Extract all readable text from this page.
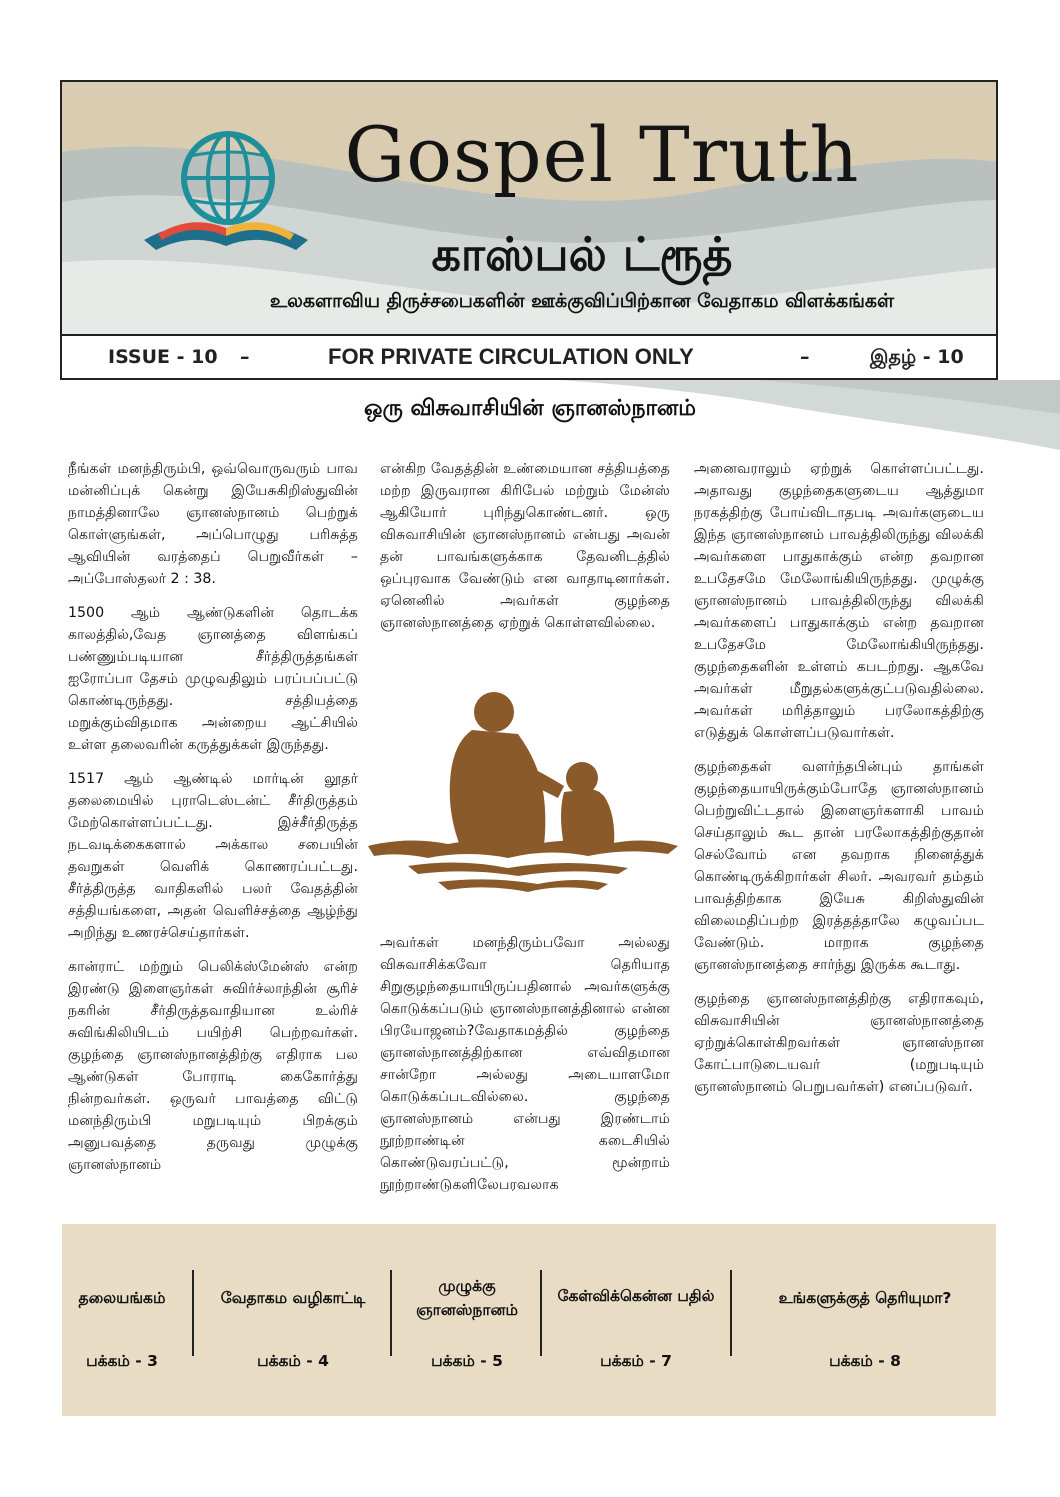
Gospel Truth
காஸ்பல் ட்ரூத்
உலகளாவிய திருச்சபைகளின் ஊக்குவிப்பிற்கான வேதாகம விளக்கங்கள்
ISSUE - 10 –	FOR PRIVATE CIRCULATION ONLY	–	இதழ் - 10
ஒரு விசுவாசியின் ஞானஸ்நானம்

நீங்கள் மனந்திரும்பி, ஒவ்வொருவரும் பாவ மன்னிப்புக் கென்று இயேசுகிறிஸ்துவின் நாமத்தினாலே ஞானஸ்நானம் பெற்றுக் கொள்ளுங்கள், அப்பொழுது பரிசுத்த ஆவியின் வரத்தைப் பெறுவீர்கள் – அப்போஸ்தலர் 2 : 38.

1500 ஆம் ஆண்டுகளின் தொடக்க காலத்தில்,வேத ஞானத்தை விளங்கப் பண்ணும்படியான சீர்த்திருத்தங்கள் ஐரோப்பா தேசம் முழுவதிலும் பரப்பப்பட்டு கொண்டிருந்தது. சத்தியத்தை மறுக்கும்விதமாக அன்றைய ஆட்சியில் உள்ள தலைவரின் கருத்துக்கள் இருந்தது.

1517 ஆம் ஆண்டில் மார்டின் லூதர் தலைமையில் புராடெஸ்டன்ட் சீர்திருத்தம் மேற்கொள்ளப்பட்டது. இச்சீர்திருத்த நடவடிக்கைகளால் அக்கால சபையின் தவறுகள் வெளிக் கொணரப்பட்டது. சீர்த்திருத்த வாதிகளில் பலர் வேதத்தின் சத்தியங்களை, அதன் வெளிச்சத்தை ஆழ்ந்து அறிந்து உணரச்செய்தார்கள்.

கான்ராட் மற்றும் பெலிக்ஸ்மேன்ஸ் என்ற இரண்டு இளைஞர்கள் சுவிர்ச்லாந்தின் சூரிச் நகரின் சீர்திருத்தவாதியான உல்ரிச் சுவிங்கிலியிடம் பயிற்சி பெற்றவர்கள். குழந்தை ஞானஸ்நானத்திற்கு எதிராக பல ஆண்டுகள் போராடி கைகோர்த்து நின்றவர்கள். ஒருவர் பாவத்தை விட்டு மனந்திரும்பி மறுபடியும் பிறக்கும் அனுபவத்தை தருவது முழுக்கு ஞானஸ்நானம்

என்கிற வேதத்தின் உண்மையான சத்தியத்தை மற்ற இருவரான கிரிபேல் மற்றும் மேன்ஸ் ஆகியோர் புரிந்துகொண்டனர். ஒரு விசுவாசியின் ஞானஸ்நானம் என்பது அவன் தன் பாவங்களுக்காக தேவனிடத்தில் ஒப்புரவாக வேண்டும் என வாதாடினார்கள். ஏனெனில் அவர்கள் குழந்தை ஞானஸ்நானத்தை ஏற்றுக் கொள்ளவில்லை.

அவர்கள் மனந்திரும்பவோ அல்லது விசுவாசிக்கவோ தெரியாத சிறுகுழந்தையாயிருப்பதினால் அவர்களுக்கு கொடுக்கப்படும் ஞானஸ்நானத்தினால் என்ன பிரயோஜனம்?வேதாகமத்தில் குழந்தை ஞானஸ்நானத்திற்கான எவ்விதமான சான்றோ அல்லது அடையாளமோ கொடுக்கப்படவில்லை. குழந்தை ஞானஸ்நானம் என்பது இரண்டாம் நூற்றாண்டின் கடைசியில் கொண்டுவரப்பட்டு, மூன்றாம் நூற்றாண்டுகளிலேபரவலாக

அனைவராலும் ஏற்றுக் கொள்ளப்பட்டது. அதாவது குழந்தைகளுடைய ஆத்துமா நரகத்திற்கு போய்விடாதபடி அவர்களுடைய இந்த ஞானஸ்நானம் பாவத்திலிருந்து விலக்கி அவர்களை பாதுகாக்கும் என்ற தவறான உபதேசமே மேலோங்கியிருந்தது. முழுக்கு ஞானஸ்நானம் பாவத்திலிருந்து விலக்கி அவர்களைப் பாதுகாக்கும் என்ற தவறான உபதேசமே மேலோங்கியிருந்தது. குழந்தைகளின் உள்ளம் கபடற்றது. ஆகவே அவர்கள் மீறுதல்களுக்குட்படுவதில்லை. அவர்கள் மரித்தாலும் பரலோகத்திற்கு எடுத்துக் கொள்ளப்படுவார்கள்.

குழந்தைகள் வளர்ந்தபின்பும் தாங்கள் குழந்தையாயிருக்கும்போதே ஞானஸ்நானம் பெற்றுவிட்டதால் இளைஞர்களாகி பாவம் செய்தாலும் கூட தான் பரலோகத்திற்குதான் செல்வோம் என தவறாக நினைத்துக் கொண்டிருக்கிறார்கள் சிலர். அவரவர் தம்தம் பாவத்திற்காக இயேசு கிறிஸ்துவின் விலைமதிப்பற்ற இரத்தத்தாலே கழுவப்பட வேண்டும். மாறாக குழந்தை ஞானஸ்நானத்தை சார்ந்து இருக்க கூடாது.

குழந்தை ஞானஸ்நானத்திற்கு எதிராகவும், விசுவாசியின் ஞானஸ்நானத்தை ஏற்றுக்கொள்கிறவர்கள் ஞானஸ்நான கோட்பாடுடையவர் (மறுபடியும் ஞானஸ்நானம் பெறுபவர்கள்) எனப்படுவர்.

தலையங்கம்
பக்கம் - 3
வேதாகம வழிகாட்டி
பக்கம் - 4
முழுக்கு ஞானஸ்நானம்
பக்கம் - 5
கேள்விக்கென்ன பதில்
பக்கம் - 7
உங்களுக்குத் தெரியுமா?
பக்கம் - 8
